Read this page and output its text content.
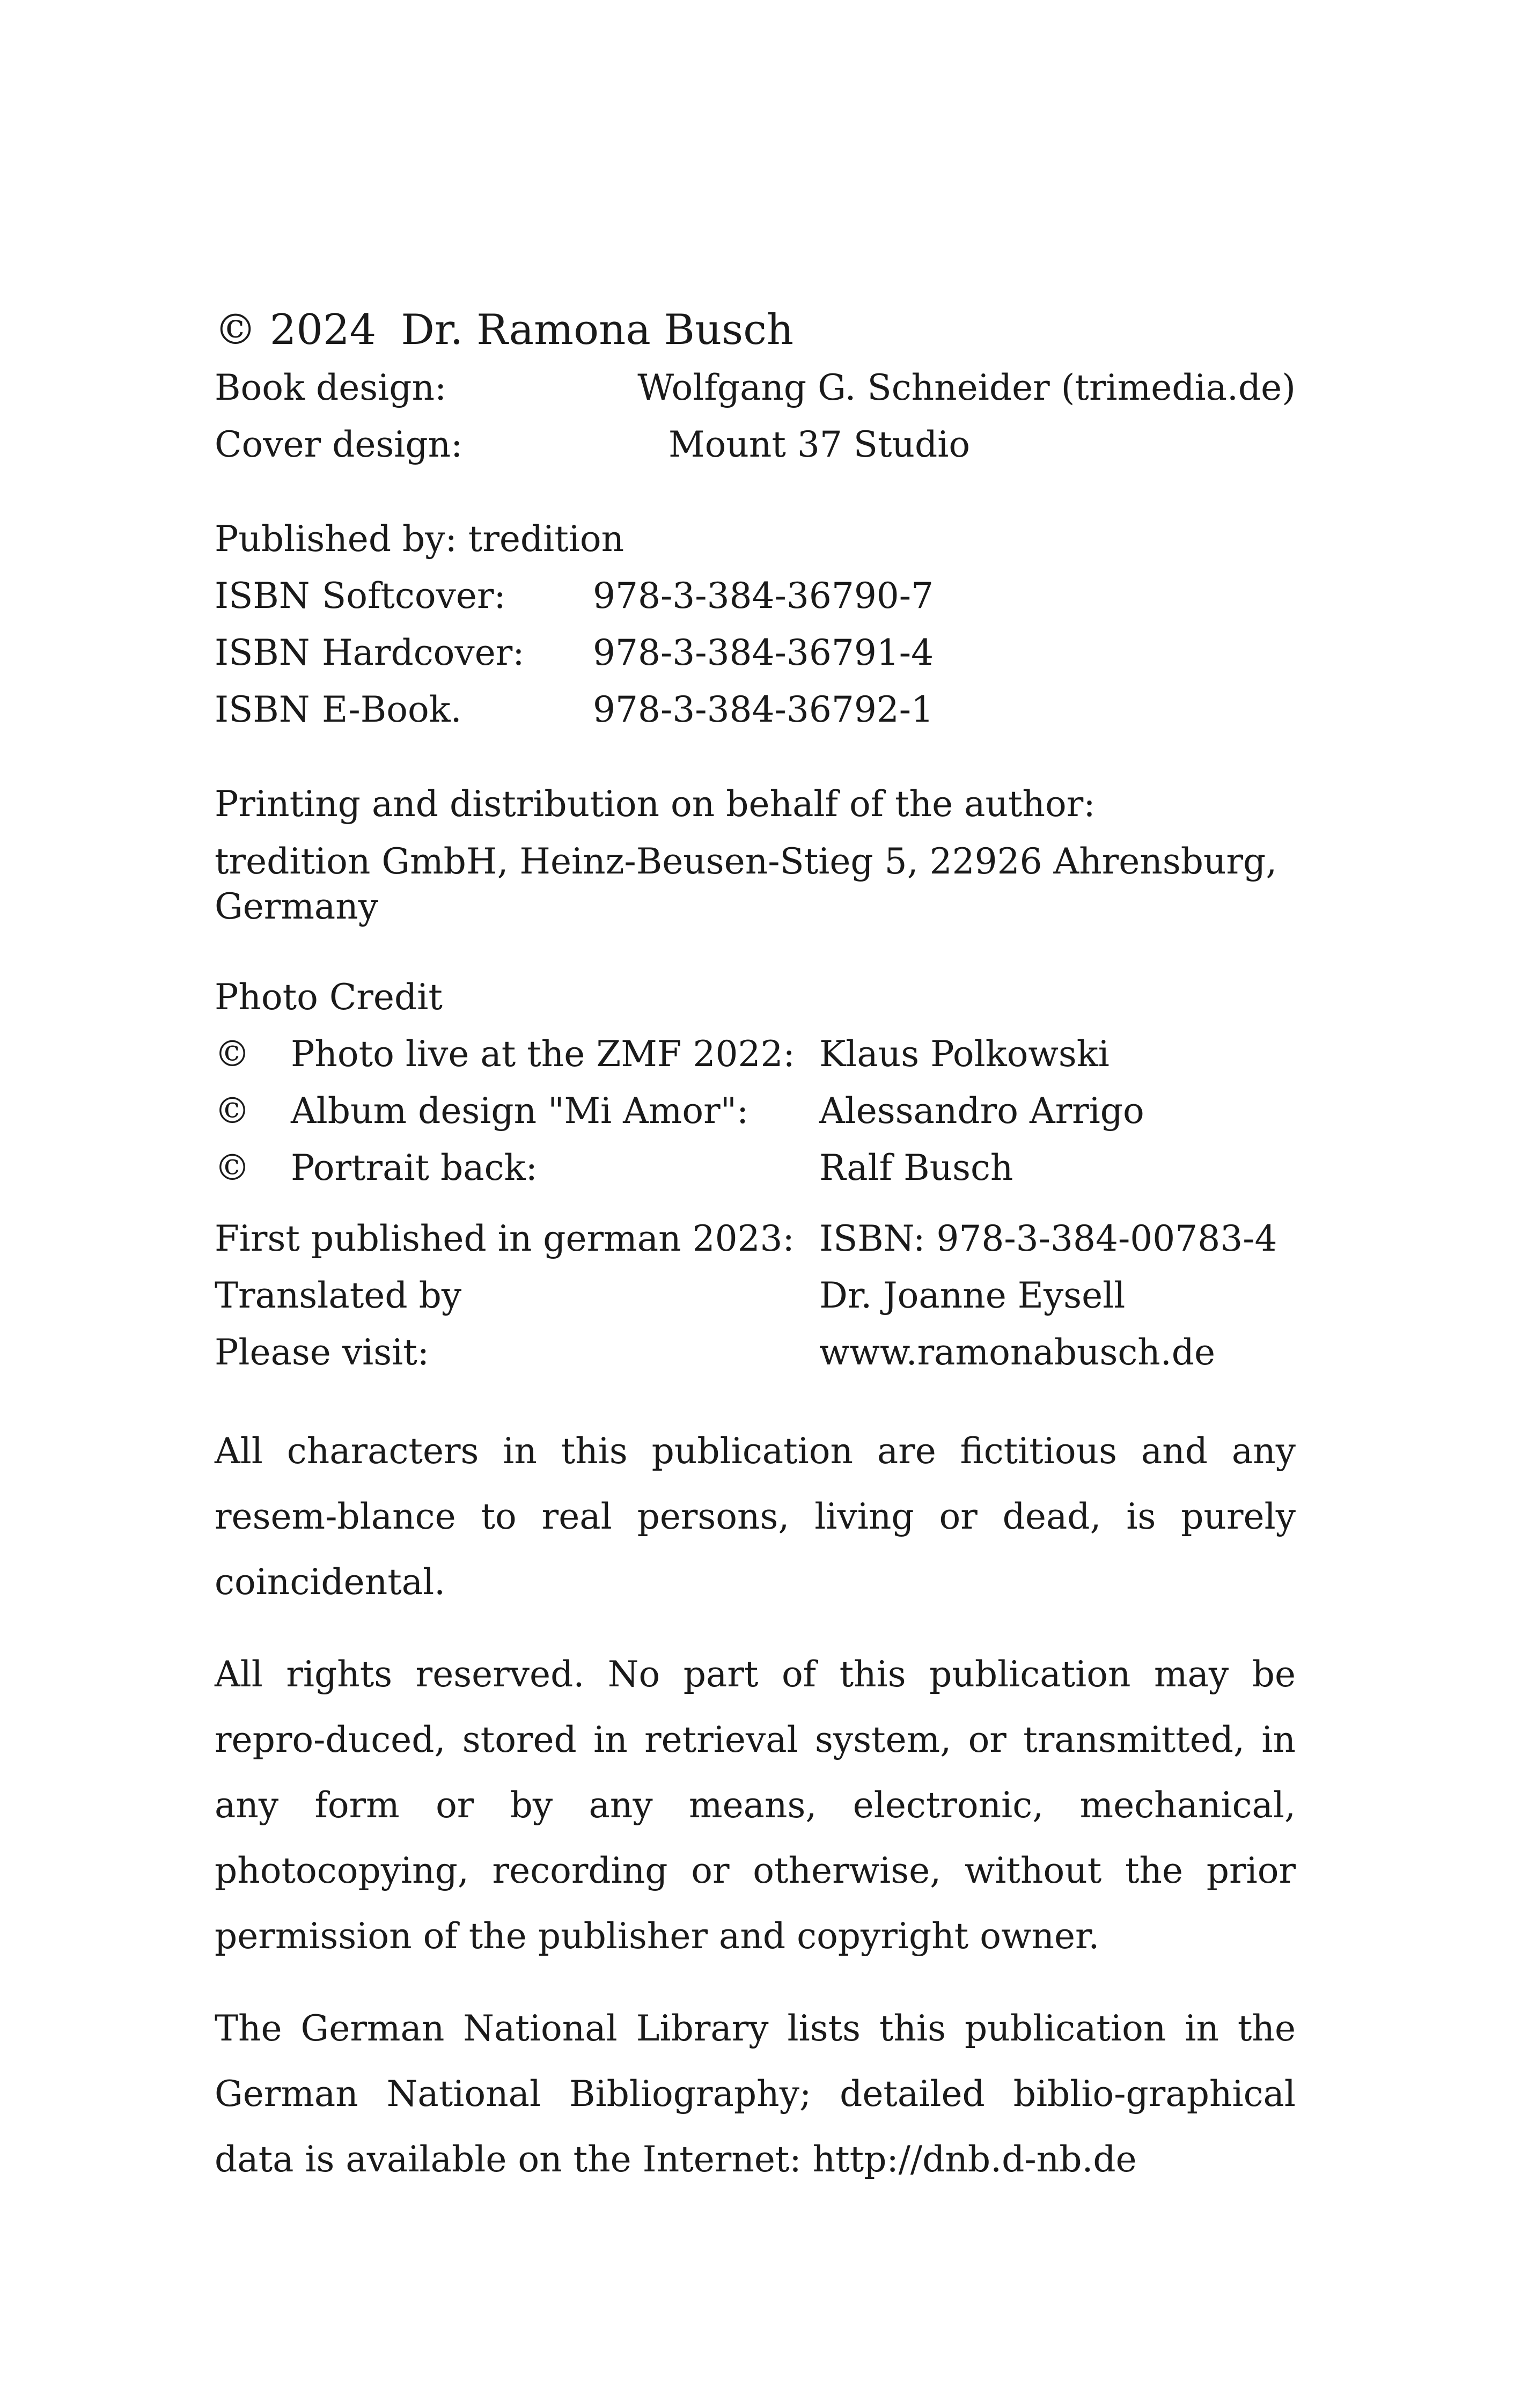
© 2024 Dr. Ramona Busch
Book design:	Wolfgang G. Schneider (trimedia.de)
Cover design:	Mount 37 Studio
Published by: tredition
ISBN Softcover:	978-3-384-36790-7
ISBN Hardcover:	978-3-384-36791-4
ISBN E-Book.	978-3-384-36792-1
Printing and distribution on behalf of the author:
tredition GmbH, Heinz-Beusen-Stieg 5, 22926 Ahrensburg,
Germany
Photo Credit
©	Photo live at the ZMF 2022: Klaus Polkowski
©	Album design "Mi Amor":	Alessandro Arrigo
©	Portrait back:	Ralf Busch
First published in german 2023: ISBN: 978-3-384-00783-4
Translated by	Dr. Joanne Eysell
Please visit:	www.ramonabusch.de
All characters in this publication are fictitious and any resem-blance to real persons, living or dead, is purely coincidental.
All rights reserved. No part of this publication may be repro-duced, stored in retrieval system, or transmitted, in any form or by any means, electronic, mechanical, photocopying, recording or otherwise, without the prior permission of the publisher and copyright owner.
The German National Library lists this publication in the German National Bibliography; detailed biblio-graphical data is available on the Internet: http://dnb.d-nb.de
